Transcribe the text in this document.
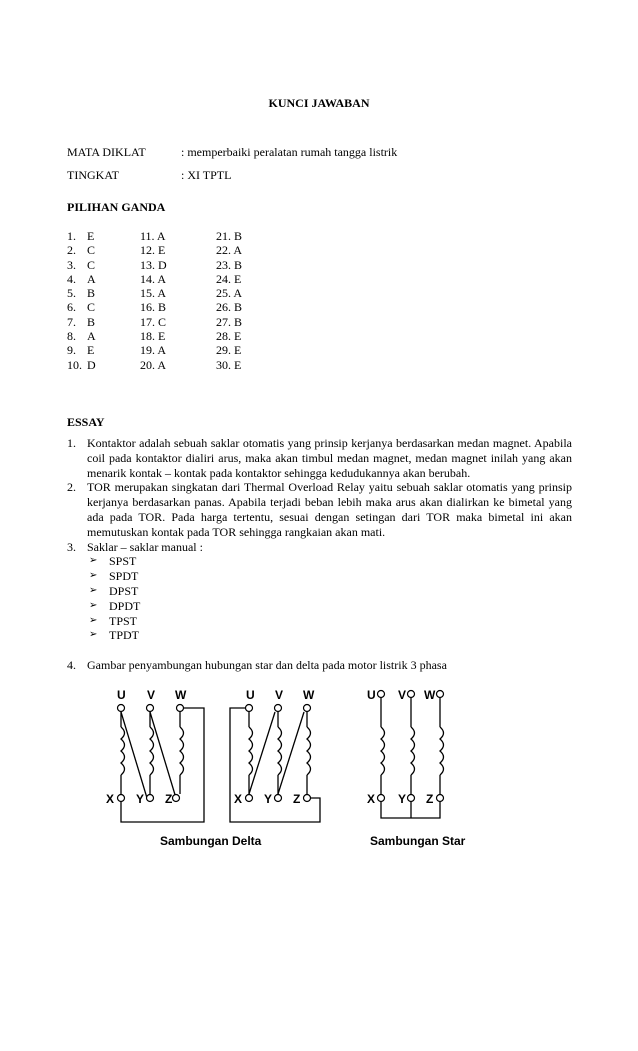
KUNCI JAWABAN
MATA DIKLAT	: memperbaiki peralatan rumah tangga listrik
TINGKAT	: XI TPTL
PILIHAN GANDA
1. E	11. A	21. B
2. C	12. E	22. A
3. C	13. D	23. B
4. A	14. A	24. E
5. B	15. A	25. A
6. C	16. B	26. B
7. B	17. C	27. B
8. A	18. E	28. E
9. E	19. A	29. E
10. D	20. A	30. E
ESSAY
1. Kontaktor adalah sebuah saklar otomatis yang prinsip kerjanya berdasarkan medan magnet. Apabila coil pada kontaktor dialiri arus, maka akan timbul medan magnet, medan magnet inilah yang akan menarik kontak – kontak pada kontaktor sehingga kedudukannya akan berubah.
2. TOR merupakan singkatan dari Thermal Overload Relay yaitu sebuah saklar otomatis yang prinsip kerjanya berdasarkan panas. Apabila terjadi beban lebih maka arus akan dialirkan ke bimetal yang ada pada TOR. Pada harga tertentu, sesuai dengan setingan dari TOR maka bimetal ini akan memutuskan kontak pada TOR sehingga rangkaian akan mati.
3. Saklar – saklar manual :
➢ SPST
➢ SPDT
➢ DPST
➢ DPDT
➢ TPST
➢ TPDT
4. Gambar penyambungan hubungan star dan delta pada motor listrik 3 phasa
U V W
X Y Z
U V W
X Y Z
U V W
X Y Z
Sambungan Delta	Sambungan Star
